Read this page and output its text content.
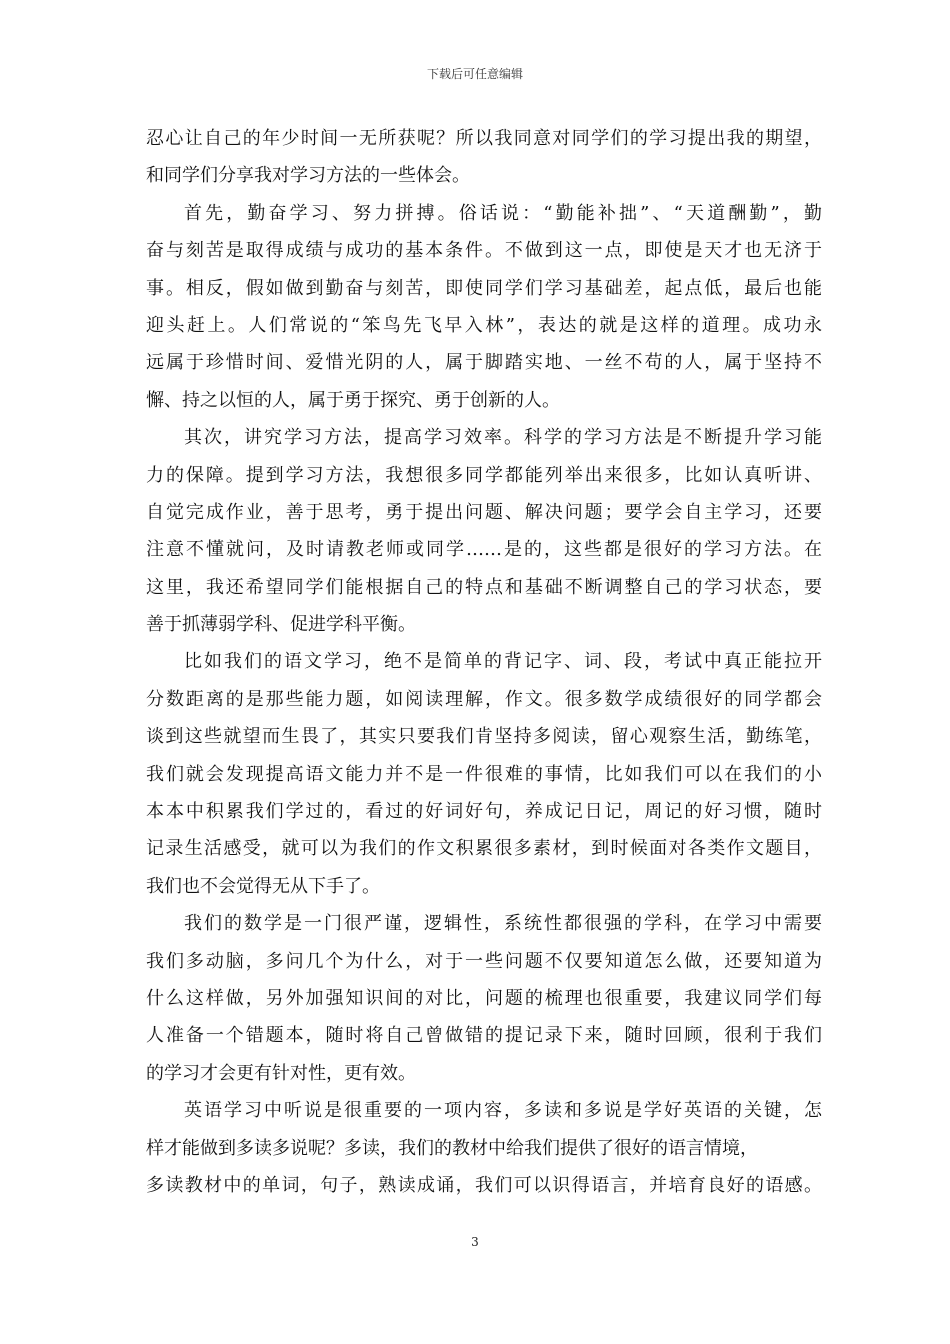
下载后可任意编辑
忍心让自己的年少时间一无所获呢？所以我同意对同学们的学习提出我的期望，
和同学们分享我对学习方法的一些体会。
首先，勤奋学习、努力拼搏。俗话说：“勤能补拙”、“天道酬勤”，勤
奋与刻苦是取得成绩与成功的基本条件。不做到这一点，即使是天才也无济于
事。相反，假如做到勤奋与刻苦，即使同学们学习基础差，起点低，最后也能
迎头赶上。人们常说的“笨鸟先飞早入林”，表达的就是这样的道理。成功永
远属于珍惜时间、爱惜光阴的人，属于脚踏实地、一丝不苟的人，属于坚持不
懈、持之以恒的人，属于勇于探究、勇于创新的人。
其次，讲究学习方法，提高学习效率。科学的学习方法是不断提升学习能
力的保障。提到学习方法，我想很多同学都能列举出来很多，比如认真听讲、
自觉完成作业，善于思考，勇于提出问题、解决问题；要学会自主学习，还要
注意不懂就问，及时请教老师或同学……是的，这些都是很好的学习方法。在
这里，我还希望同学们能根据自己的特点和基础不断调整自己的学习状态，要
善于抓薄弱学科、促进学科平衡。
比如我们的语文学习，绝不是简单的背记字、词、段，考试中真正能拉开
分数距离的是那些能力题，如阅读理解，作文。很多数学成绩很好的同学都会
谈到这些就望而生畏了，其实只要我们肯坚持多阅读，留心观察生活，勤练笔，
我们就会发现提高语文能力并不是一件很难的事情，比如我们可以在我们的小
本本中积累我们学过的，看过的好词好句，养成记日记，周记的好习惯，随时
记录生活感受，就可以为我们的作文积累很多素材，到时候面对各类作文题目，
我们也不会觉得无从下手了。
我们的数学是一门很严谨，逻辑性，系统性都很强的学科，在学习中需要
我们多动脑，多问几个为什么，对于一些问题不仅要知道怎么做，还要知道为
什么这样做，另外加强知识间的对比，问题的梳理也很重要，我建议同学们每
人准备一个错题本，随时将自己曾做错的提记录下来，随时回顾，很利于我们
的学习才会更有针对性，更有效。
英语学习中听说是很重要的一项内容，多读和多说是学好英语的关键，怎
样才能做到多读多说呢？多读，我们的教材中给我们提供了很好的语言情境，
多读教材中的单词，句子，熟读成诵，我们可以识得语言，并培育良好的语感。
3
